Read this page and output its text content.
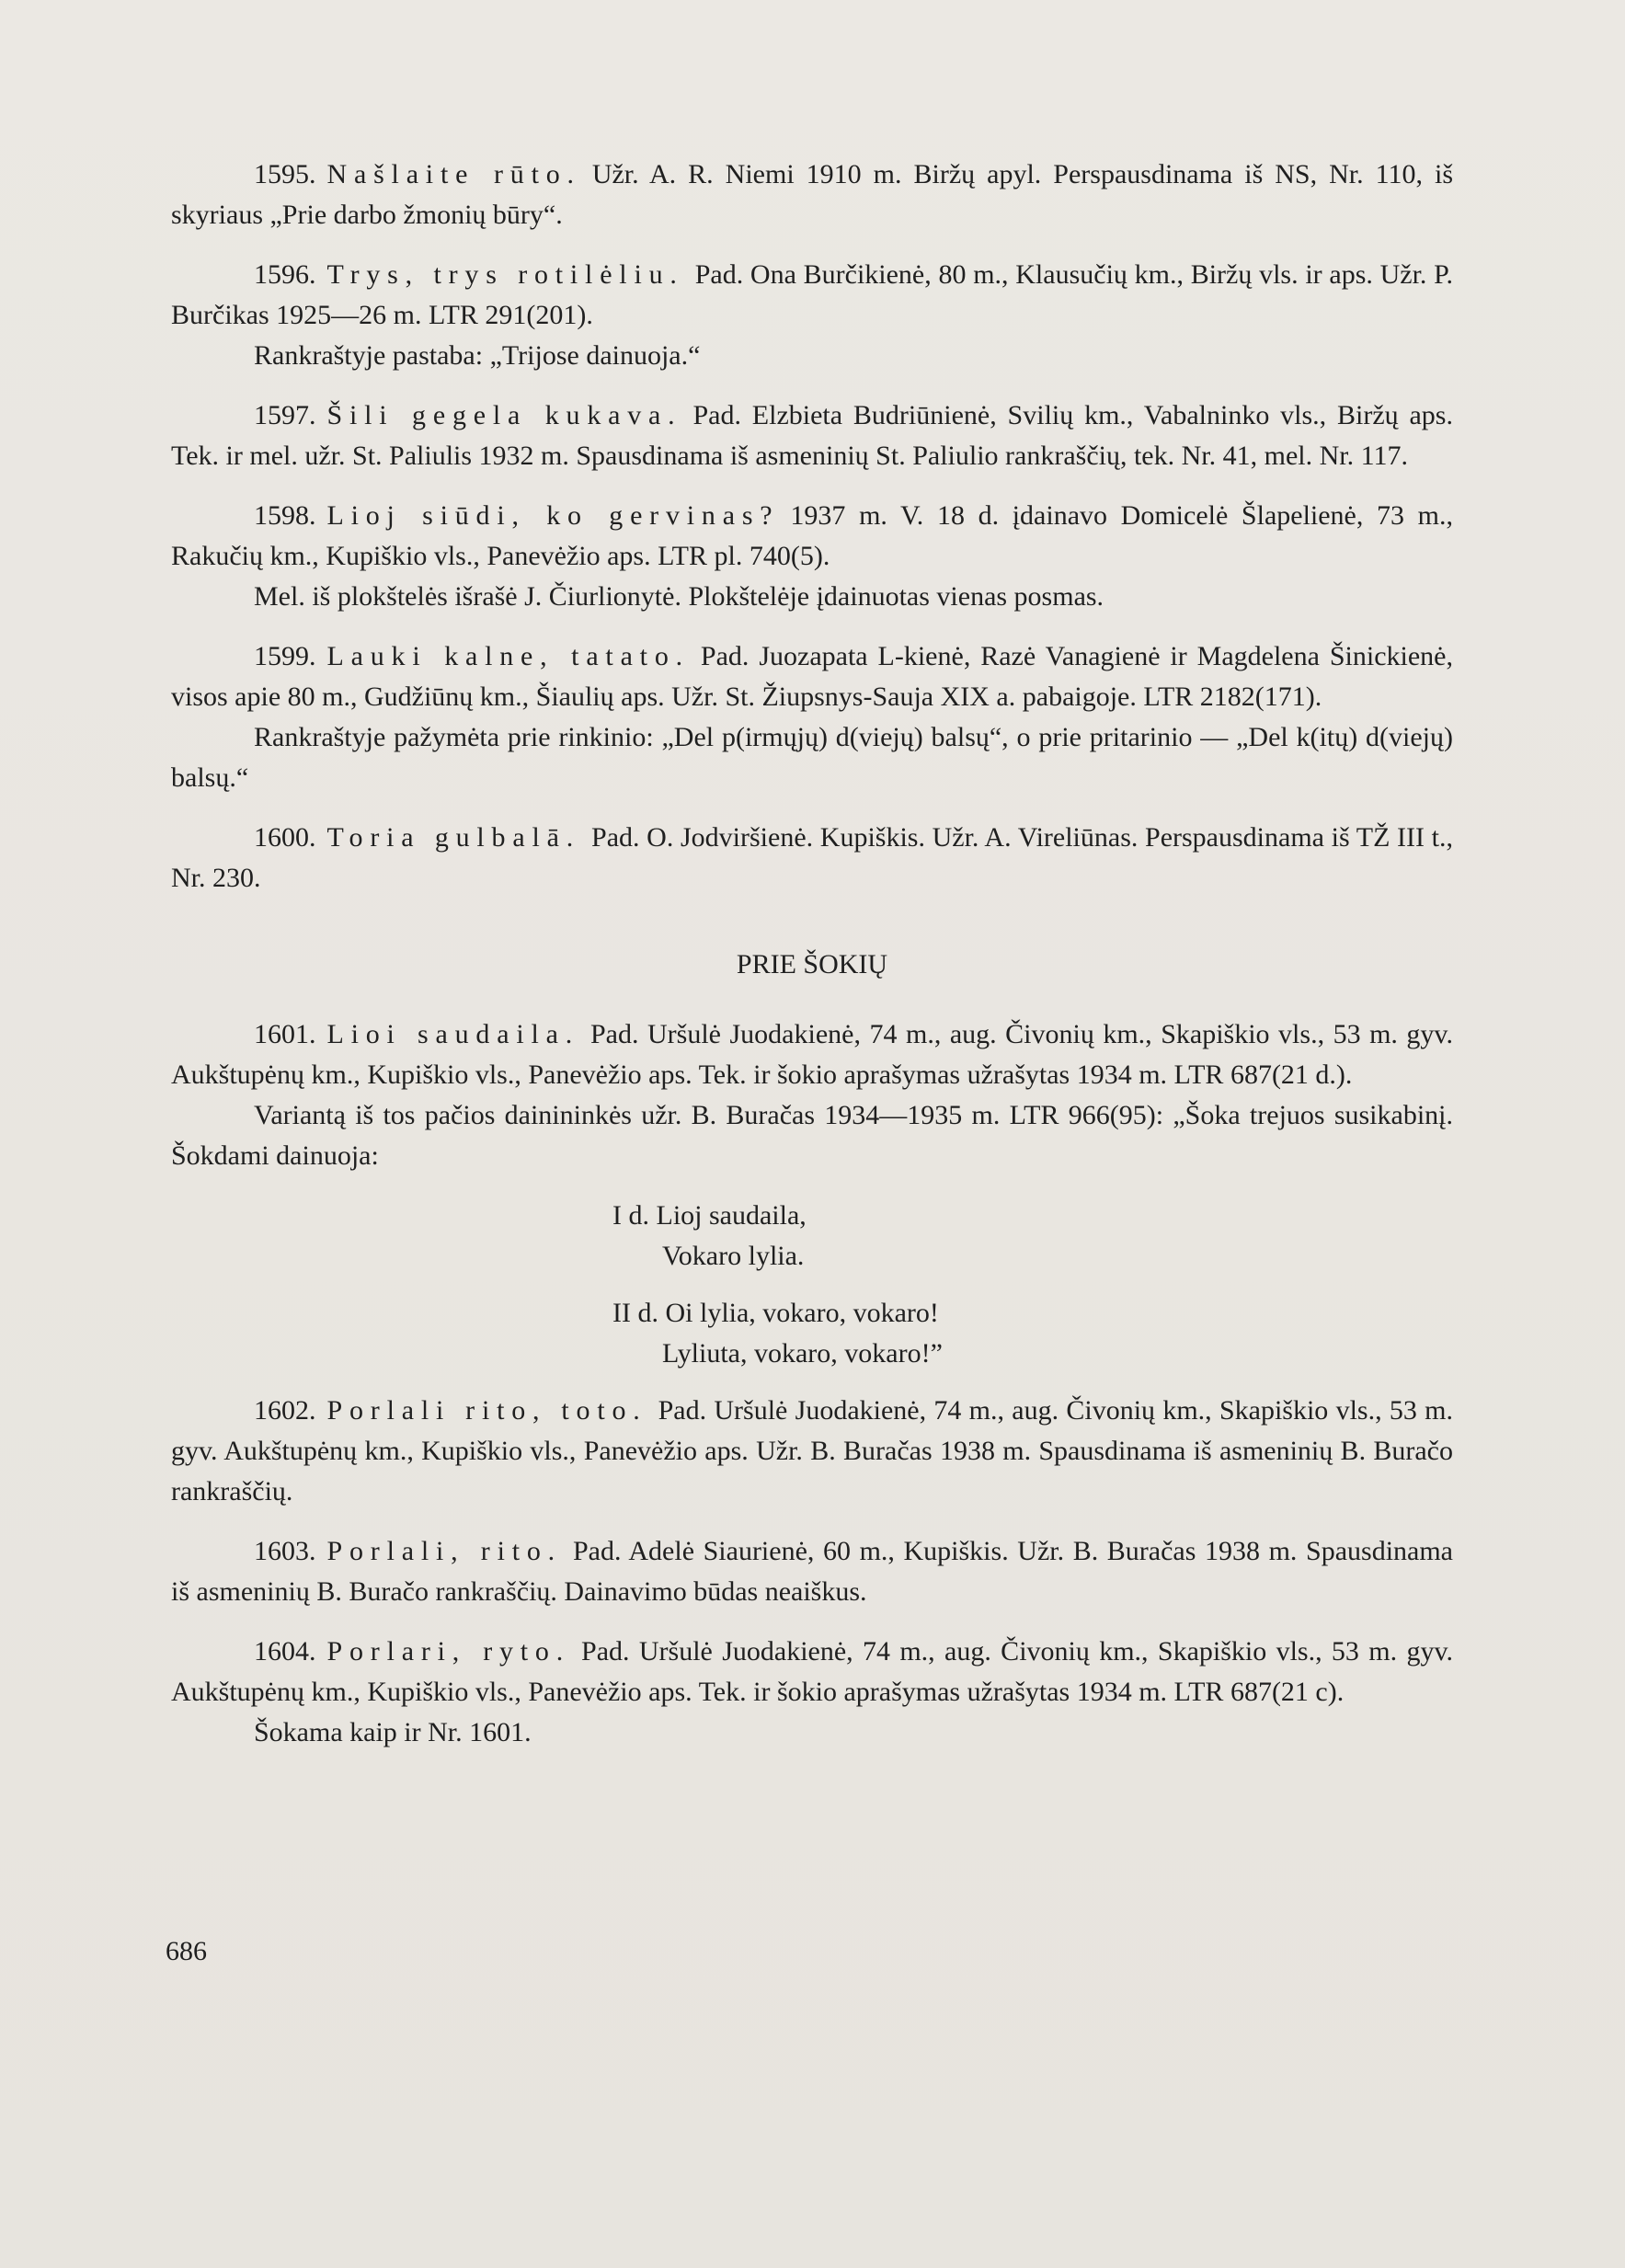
1595. Našlaite rūto. Užr. A. R. Niemi 1910 m. Biržų apyl. Perspausdinama iš NS, Nr. 110, iš skyriaus „Prie darbo žmonių būry“.
1596. Trys, trys rotilėliu. Pad. Ona Burčikienė, 80 m., Klausučių km., Biržų vls. ir aps. Užr. P. Burčikas 1925—26 m. LTR 291(201).
Rankraštyje pastaba: „Trijose dainuoja.“
1597. Šili gegela kukava. Pad. Elzbieta Budriūnienė, Svilių km., Vabalninko vls., Biržų aps. Tek. ir mel. užr. St. Paliulis 1932 m. Spausdinama iš asmeninių St. Paliulio rankraščių, tek. Nr. 41, mel. Nr. 117.
1598. Lioj siūdi, ko gervinas? 1937 m. V. 18 d. įdainavo Domicelė Šlapelienė, 73 m., Rakučių km., Kupiškio vls., Panevėžio aps. LTR pl. 740(5).
Mel. iš plokštelės išrašė J. Čiurlionytė. Plokštelėje įdainuotas vienas posmas.
1599. Lauki kalne, tatato. Pad. Juozapata L-kienė, Razė Vanagienė ir Magdelena Šinickienė, visos apie 80 m., Gudžiūnų km., Šiaulių aps. Užr. St. Žiupsnys-Sauja XIX a. pabaigoje. LTR 2182(171).
Rankraštyje pažymėta prie rinkinio: „Del p(irmųjų) d(viejų) balsų“, o prie pritarinio — „Del k(itų) d(viejų) balsų.“
1600. Toria gulbalā. Pad. O. Jodviršienė. Kupiškis. Užr. A. Vireliūnas. Perspausdinama iš TŽ III t., Nr. 230.
PRIE ŠOKIŲ
1601. Lioi saudaila. Pad. Uršulė Juodakienė, 74 m., aug. Čivonių km., Skapiškio vls., 53 m. gyv. Aukštupėnų km., Kupiškio vls., Panevėžio aps. Tek. ir šokio aprašymas užrašytas 1934 m. LTR 687(21 d.).
Variantą iš tos pačios dainininkės užr. B. Buračas 1934—1935 m. LTR 966(95): „Šoka trejuos susikabinį. Šokdami dainuoja:
I d. Lioj saudaila,
Vokaro lylia.
II d. Oi lylia, vokaro, vokaro!
Lyliuta, vokaro, vokaro!”
1602. Porlali rito, toto. Pad. Uršulė Juodakienė, 74 m., aug. Čivonių km., Skapiškio vls., 53 m. gyv. Aukštupėnų km., Kupiškio vls., Panevėžio aps. Užr. B. Buračas 1938 m. Spausdinama iš asmeninių B. Buračo rankraščių.
1603. Porlali, rito. Pad. Adelė Siaurienė, 60 m., Kupiškis. Užr. B. Buračas 1938 m. Spausdinama iš asmeninių B. Buračo rankraščių. Dainavimo būdas neaiškus.
1604. Porlari, ryto. Pad. Uršulė Juodakienė, 74 m., aug. Čivonių km., Skapiškio vls., 53 m. gyv. Aukštupėnų km., Kupiškio vls., Panevėžio aps. Tek. ir šokio aprašymas užrašytas 1934 m. LTR 687(21 c).
Šokama kaip ir Nr. 1601.
686
